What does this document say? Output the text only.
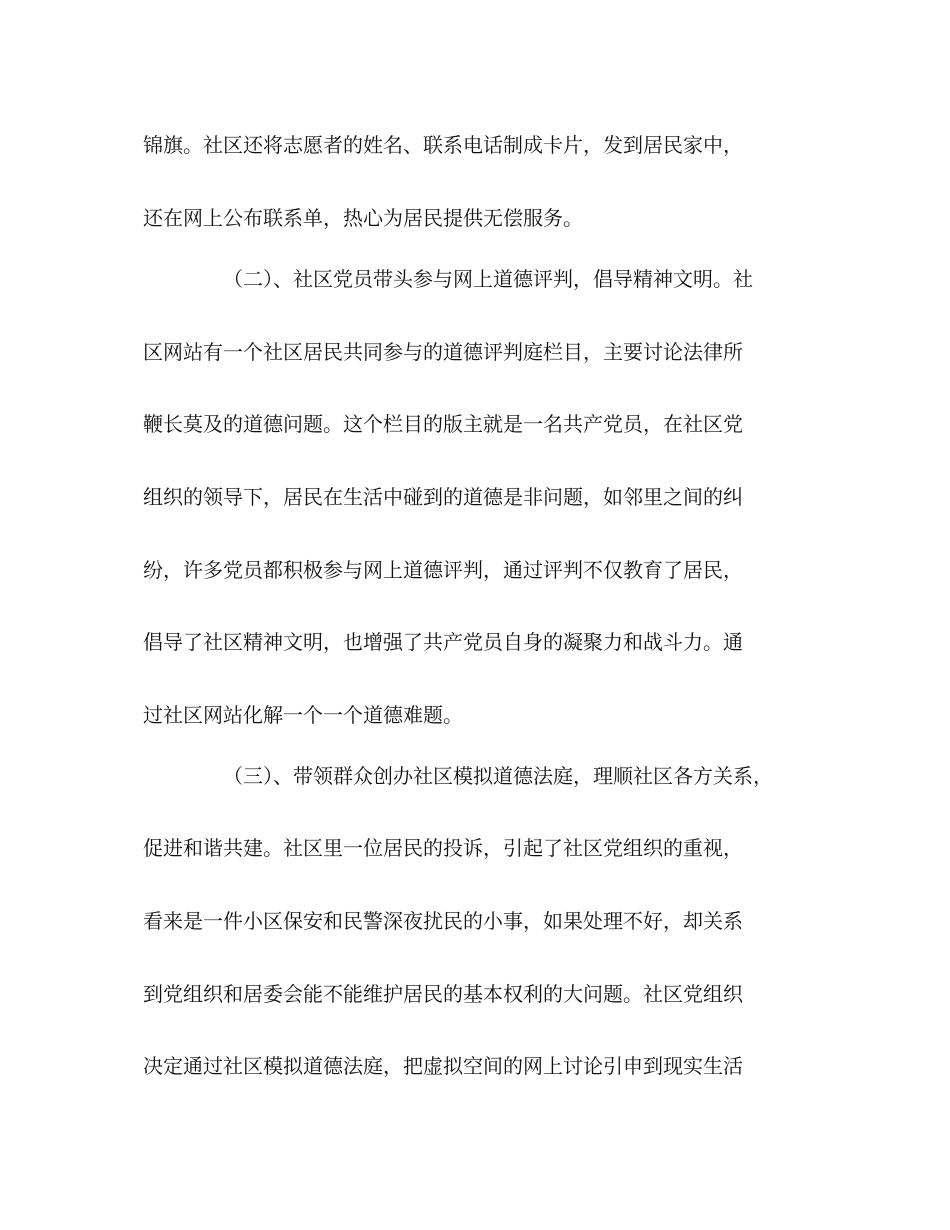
锦旗。社区还将志愿者的姓名、联系电话制成卡片，发到居民家中，

还在网上公布联系单，热心为居民提供无偿服务。

（二）、社区党员带头参与网上道德评判，倡导精神文明。社

区网站有一个社区居民共同参与的道德评判庭栏目，主要讨论法律所

鞭长莫及的道德问题。这个栏目的版主就是一名共产党员，在社区党

组织的领导下，居民在生活中碰到的道德是非问题，如邻里之间的纠

纷，许多党员都积极参与网上道德评判，通过评判不仅教育了居民，

倡导了社区精神文明，也增强了共产党员自身的凝聚力和战斗力。通

过社区网站化解一个一个道德难题。

（三）、带领群众创办社区模拟道德法庭，理顺社区各方关系，

促进和谐共建。社区里一位居民的投诉，引起了社区党组织的重视，

看来是一件小区保安和民警深夜扰民的小事，如果处理不好，却关系

到党组织和居委会能不能维护居民的基本权利的大问题。社区党组织

决定通过社区模拟道德法庭，把虚拟空间的网上讨论引申到现实生活
